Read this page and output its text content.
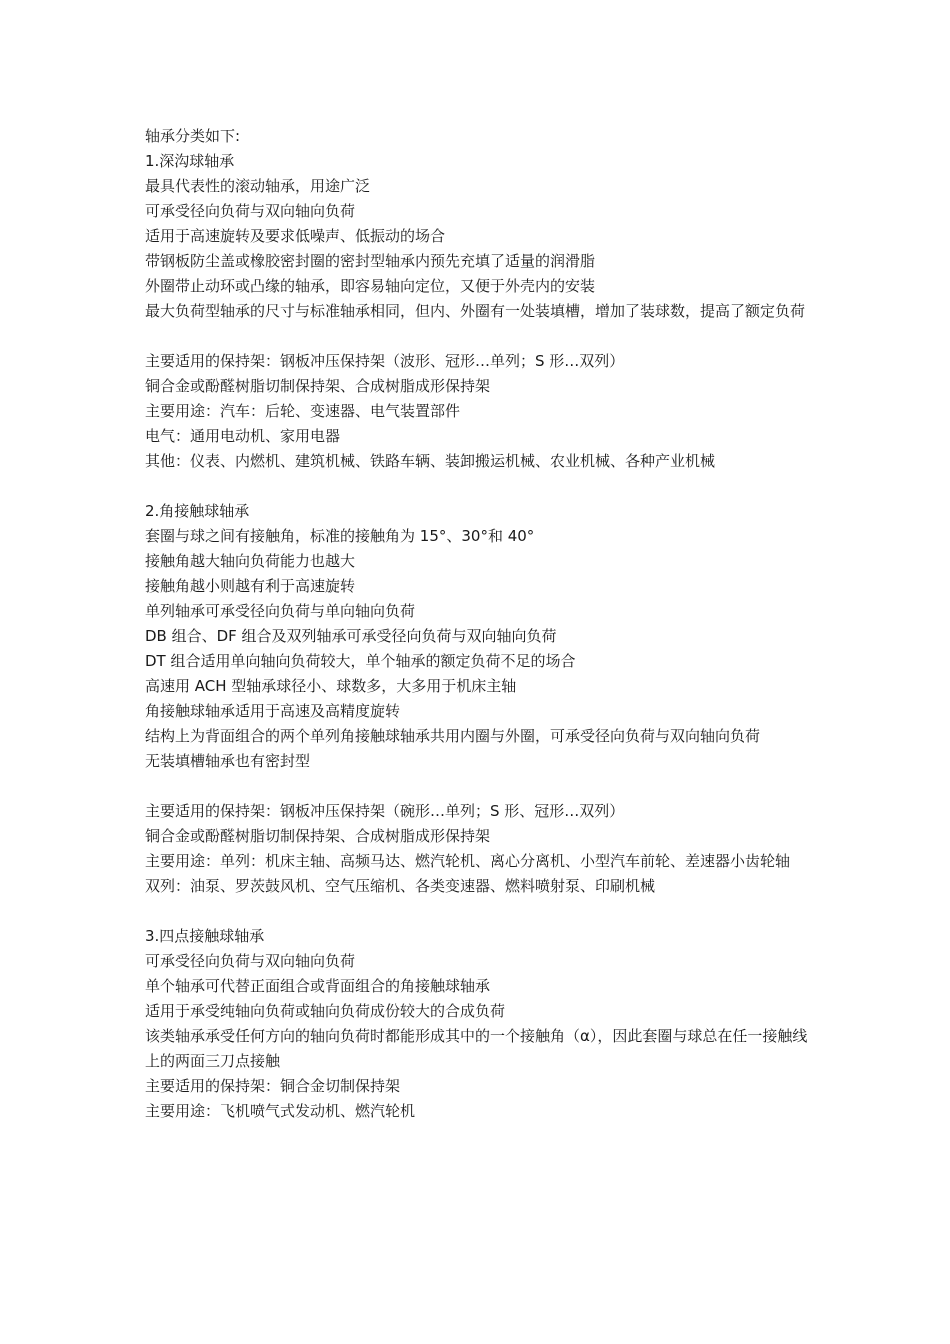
轴承分类如下:

1.深沟球轴承

最具代表性的滚动轴承，用途广泛

可承受径向负荷与双向轴向负荷

适用于高速旋转及要求低噪声、低振动的场合

带钢板防尘盖或橡胶密封圈的密封型轴承内预先充填了适量的润滑脂

外圈带止动环或凸缘的轴承，即容易轴向定位，又便于外壳内的安装

最大负荷型轴承的尺寸与标准轴承相同，但内、外圈有一处装填槽，增加了装球数，提高了额定负荷

主要适用的保持架：钢板冲压保持架（波形、冠形…单列；S 形…双列）

铜合金或酚醛树脂切制保持架、合成树脂成形保持架

主要用途：汽车：后轮、变速器、电气装置部件

电气：通用电动机、家用电器

其他：仪表、内燃机、建筑机械、铁路车辆、装卸搬运机械、农业机械、各种产业机械

2.角接触球轴承

套圈与球之间有接触角，标准的接触角为 15°、30°和 40°

接触角越大轴向负荷能力也越大

接触角越小则越有利于高速旋转

单列轴承可承受径向负荷与单向轴向负荷

DB 组合、DF 组合及双列轴承可承受径向负荷与双向轴向负荷

DT 组合适用单向轴向负荷较大，单个轴承的额定负荷不足的场合

高速用 ACH 型轴承球径小、球数多，大多用于机床主轴

角接触球轴承适用于高速及高精度旋转

结构上为背面组合的两个单列角接触球轴承共用内圈与外圈，可承受径向负荷与双向轴向负荷

无装填槽轴承也有密封型

主要适用的保持架：钢板冲压保持架（碗形…单列；S 形、冠形…双列）

铜合金或酚醛树脂切制保持架、合成树脂成形保持架

主要用途：单列：机床主轴、高频马达、燃汽轮机、离心分离机、小型汽车前轮、差速器小齿轮轴

双列：油泵、罗茨鼓风机、空气压缩机、各类变速器、燃料喷射泵、印刷机械

3.四点接触球轴承

可承受径向负荷与双向轴向负荷

单个轴承可代替正面组合或背面组合的角接触球轴承

适用于承受纯轴向负荷或轴向负荷成份较大的合成负荷

该类轴承承受任何方向的轴向负荷时都能形成其中的一个接触角（α），因此套圈与球总在任一接触线上的两面三刀点接触

主要适用的保持架：铜合金切制保持架

主要用途：飞机喷气式发动机、燃汽轮机
